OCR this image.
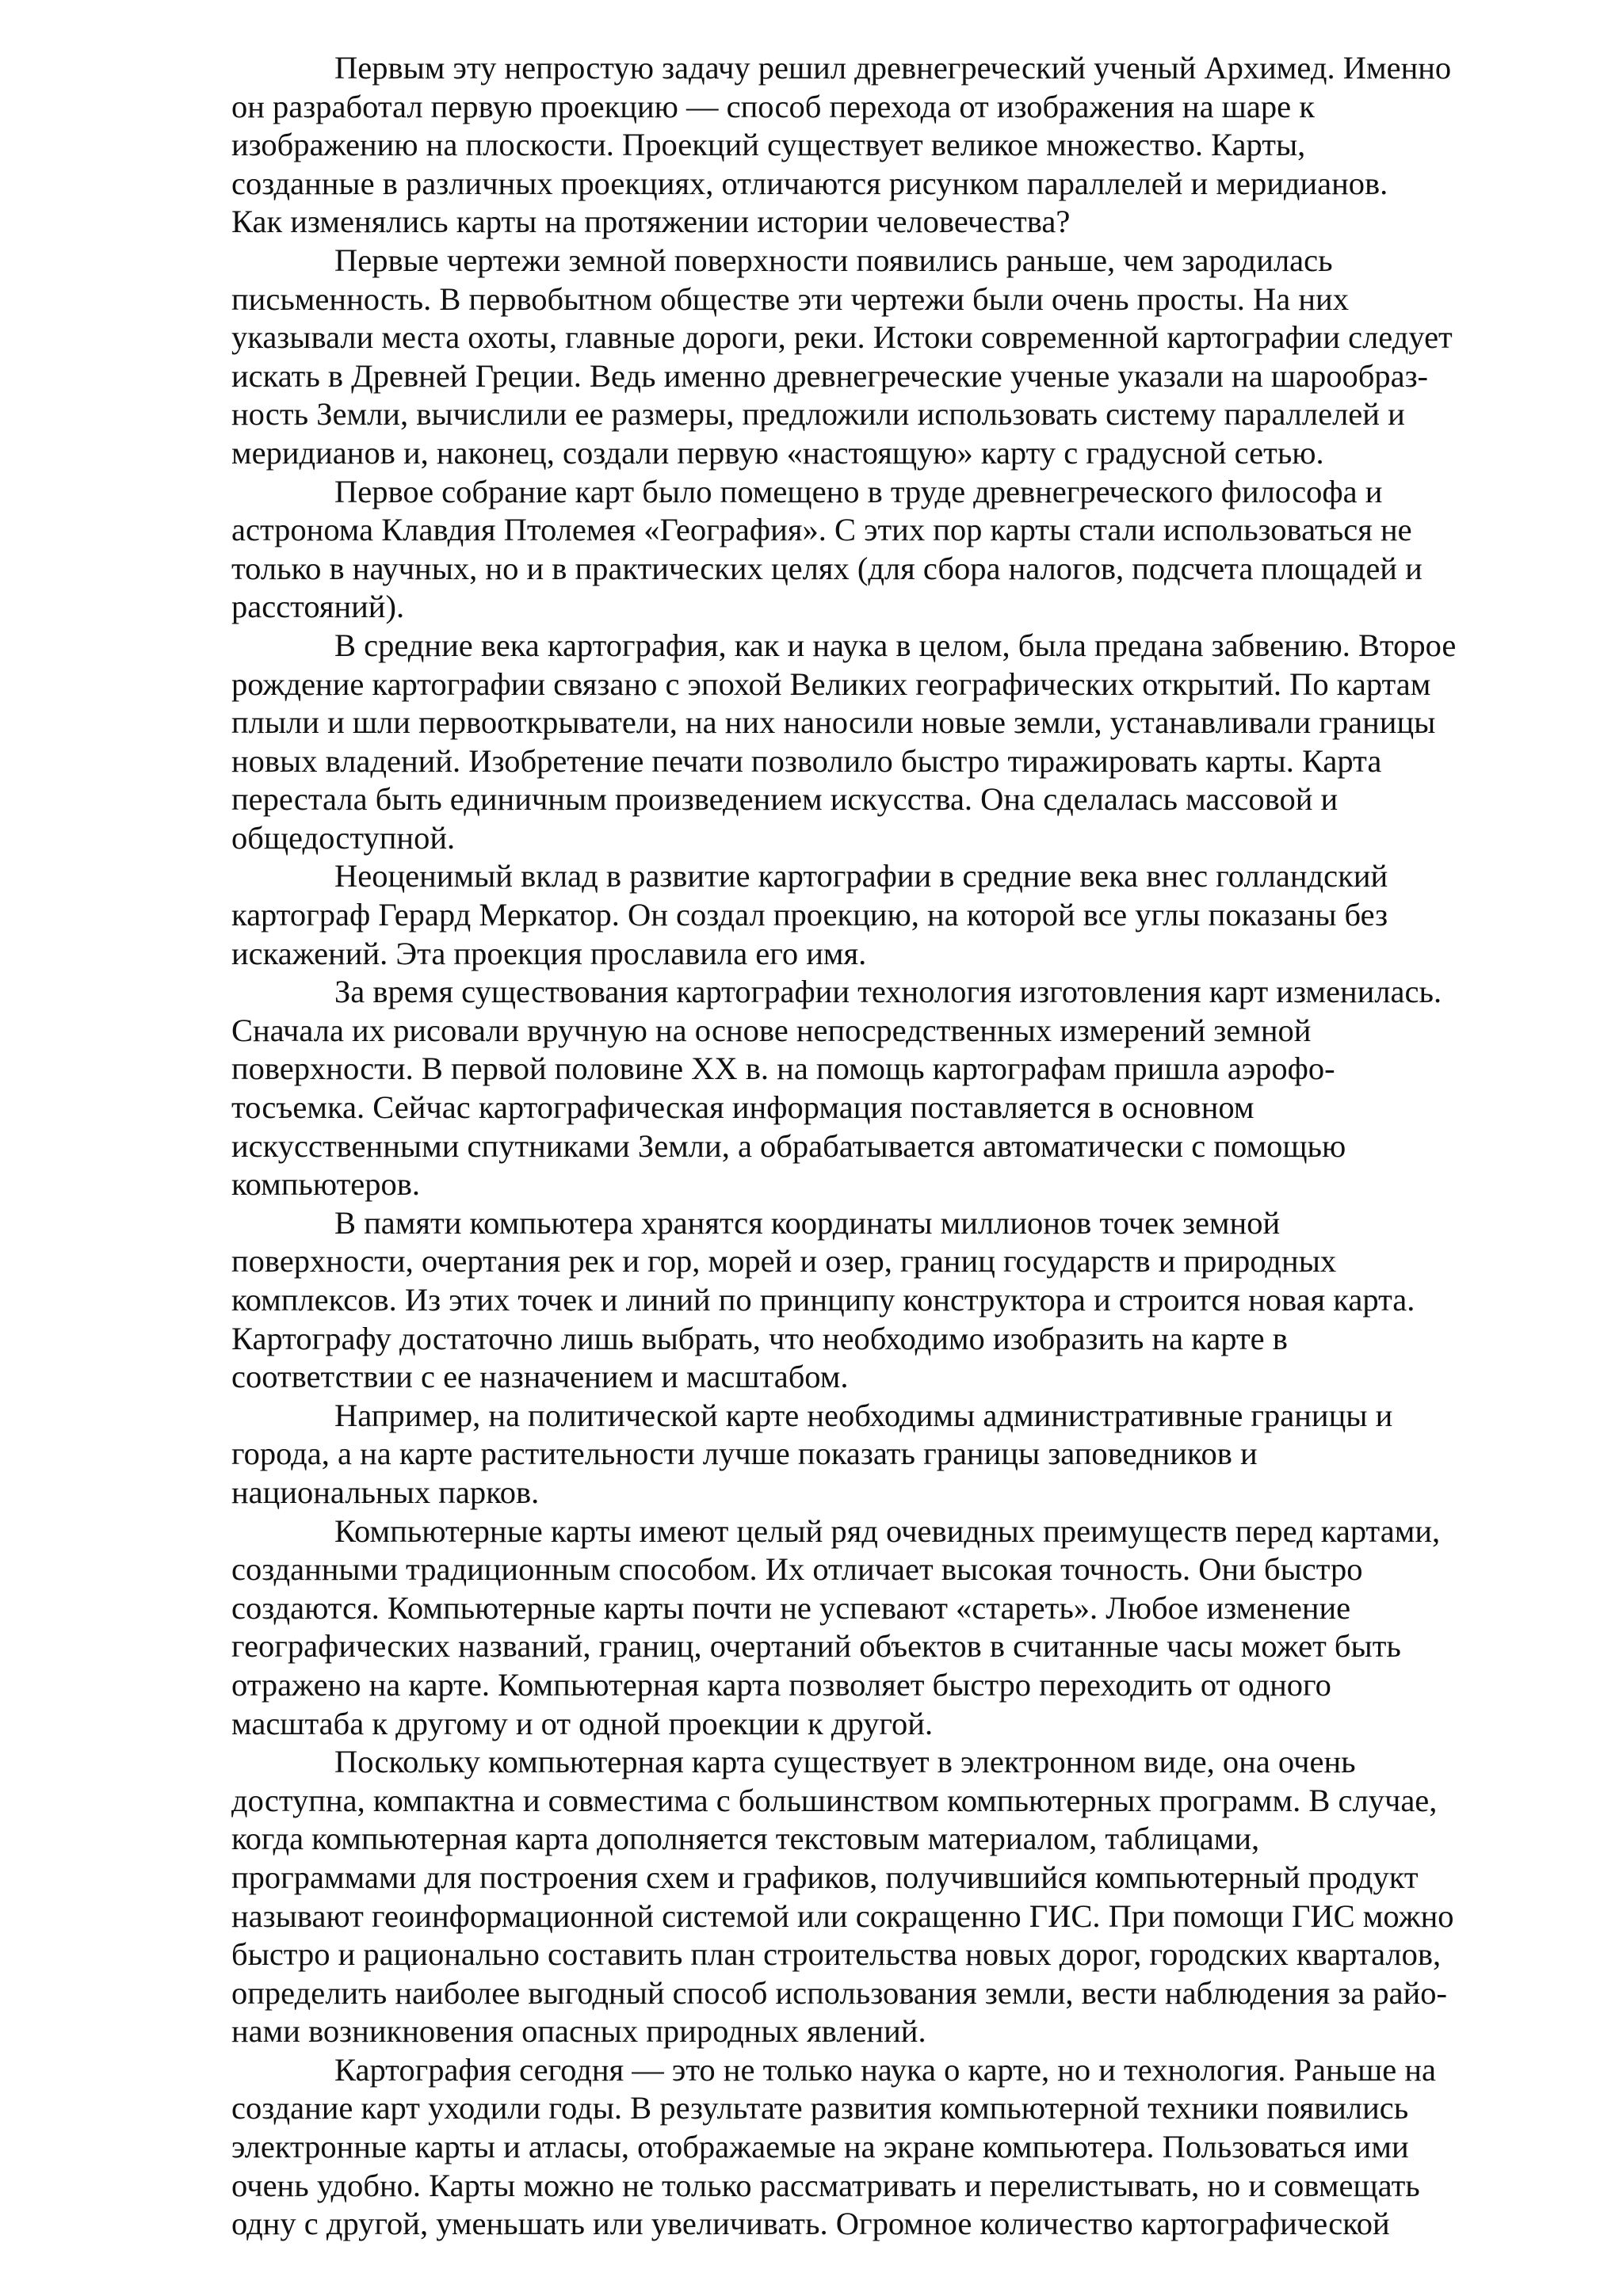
Первым эту непростую задачу решил древнегреческий ученый Архимед. Именно
он разработал первую проекцию — способ перехода от изображения на шаре к
изображению на плоскости. Проекций существует великое множество. Карты,
созданные в различных проекциях, отличаются рисунком параллелей и меридианов.
Как изменялись карты на протяжении истории человечества?

Первые чертежи земной поверхности появились раньше, чем зародилась
письменность. В первобытном обществе эти чертежи были очень просты. На них
указывали места охоты, главные дороги, реки. Истоки современной картографии следует
искать в Древней Греции. Ведь именно древнегреческие ученые указали на шарообраз-
ность Земли, вычислили ее размеры, предложили использовать систему параллелей и
меридианов и, наконец, создали первую «настоящую» карту с градусной сетью.

Первое собрание карт было помещено в труде древнегреческого философа и
астронома Клавдия Птолемея «География». С этих пор карты стали использоваться не
только в научных, но и в практических целях (для сбора налогов, подсчета площадей и
расстояний).

В средние века картография, как и наука в целом, была предана забвению. Второе
рождение картографии связано с эпохой Великих географических открытий. По картам
плыли и шли первооткрыватели, на них наносили новые земли, устанавливали границы
новых владений. Изобретение печати позволило быстро тиражировать карты. Карта
перестала быть единичным произведением искусства. Она сделалась массовой и
общедоступной.

Неоценимый вклад в развитие картографии в средние века внес голландский
картограф Герард Меркатор. Он создал проекцию, на которой все углы показаны без
искажений. Эта проекция прославила его имя.

За время существования картографии технология изготовления карт изменилась.
Сначала их рисовали вручную на основе непосредственных измерений земной
поверхности. В первой половине XX в. на помощь картографам пришла аэрофо-
тосъемка. Сейчас картографическая информация поставляется в основном
искусственными спутниками Земли, а обрабатывается автоматически с помощью
компьютеров.

В памяти компьютера хранятся координаты миллионов точек земной
поверхности, очертания рек и гор, морей и озер, границ государств и природных
комплексов. Из этих точек и линий по принципу конструктора и строится новая карта.
Картографу достаточно лишь выбрать, что необходимо изобразить на карте в
соответствии с ее назначением и масштабом.

Например, на политической карте необходимы административные границы и
города, а на карте растительности лучше показать границы заповедников и
национальных парков.

Компьютерные карты имеют целый ряд очевидных преимуществ перед картами,
созданными традиционным способом. Их отличает высокая точность. Они быстро
создаются. Компьютерные карты почти не успевают «стареть». Любое изменение
географических названий, границ, очертаний объектов в считанные часы может быть
отражено на карте. Компьютерная карта позволяет быстро переходить от одного
масштаба к другому и от одной проекции к другой.

Поскольку компьютерная карта существует в электронном виде, она очень
доступна, компактна и совместима с большинством компьютерных программ. В случае,
когда компьютерная карта дополняется текстовым материалом, таблицами,
программами для построения схем и графиков, получившийся компьютерный продукт
называют геоинформационной системой или сокращенно ГИС. При помощи ГИС можно
быстро и рационально составить план строительства новых дорог, городских кварталов,
определить наиболее выгодный способ использования земли, вести наблюдения за райо-
нами возникновения опасных природных явлений.

Картография сегодня — это не только наука о карте, но и технология. Раньше на
создание карт уходили годы. В результате развития компьютерной техники появились
электронные карты и атласы, отображаемые на экране компьютера. Пользоваться ими
очень удобно. Карты можно не только рассматривать и перелистывать, но и совмещать
одну с другой, уменьшать или увеличивать. Огромное количество картографической
